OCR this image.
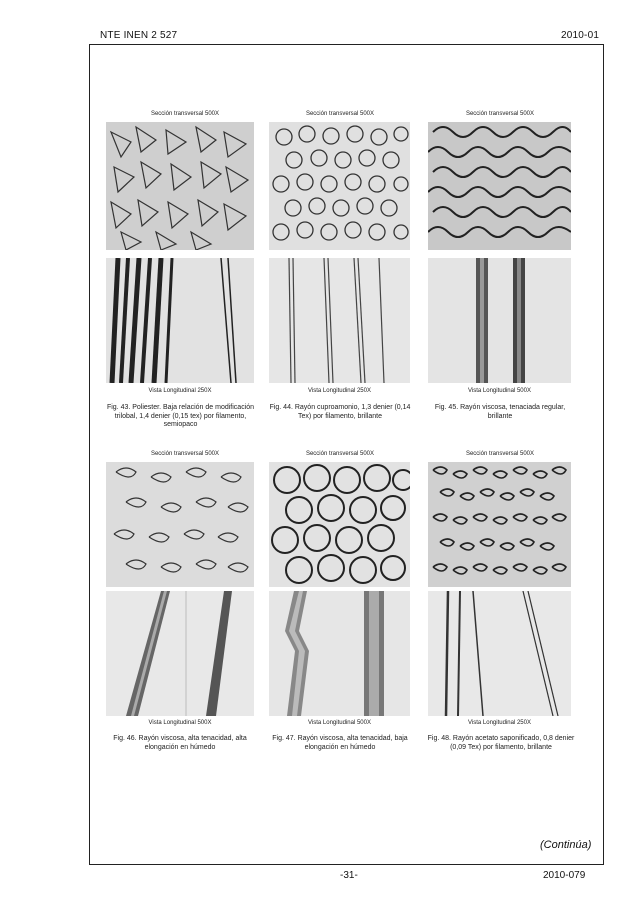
NTE INEN 2 527	2010-01
Sección transversal 500X
Vista Longitudinal 250X
Fig. 43. Poliester. Baja relación de modificación trilobal, 1,4 denier (0,15 tex) por filamento, semiopaco
Sección transversal 500X
Vista Longitudinal 250X
Fig. 44. Rayón cuproamonio, 1,3 denier (0,14 Tex) por filamento, brillante
Sección transversal 500X
Vista Longitudinal 500X
Fig. 45. Rayón viscosa, tenaciada regular, brillante
Sección transversal 500X
Vista Longitudinal 500X
Fig. 46. Rayón viscosa, alta tenacidad, alta elongación en húmedo
Sección transversal 500X
Vista Longitudinal 500X
Fig. 47. Rayón viscosa, alta tenacidad, baja elongación en húmedo
Sección transversal 500X
Vista Longitudinal 250X
Fig. 48. Rayón acetato saponificado, 0,8 denier (0,09 Tex) por filamento, brillante
(Continúa)
-31-	2010-079
